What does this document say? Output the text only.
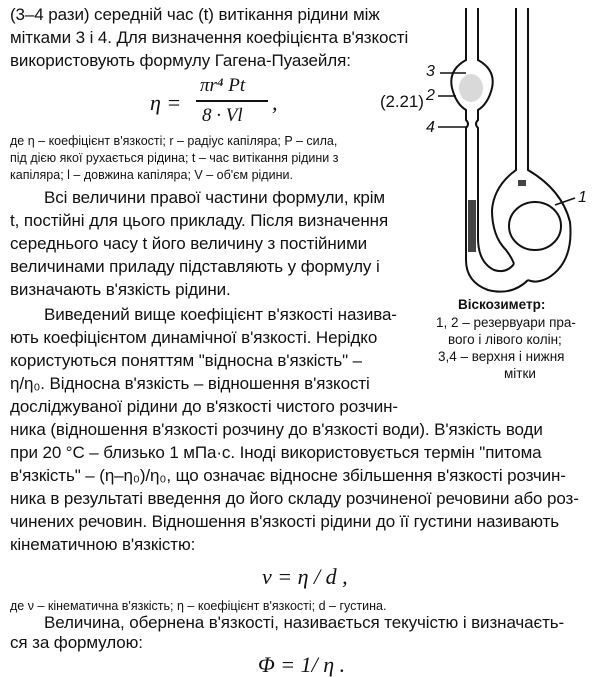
(3–4 рази) середній час (t) витікання рідини між
мітками 3 і 4. Для визначення коефіцієнта в'язкості
використовують формулу Гагена-Пуазейля:
η =
πr⁴ Pt
8 · Vl
,	(2.21)
де η – коефіцієнт в'язкості; r – радіус капіляра; P – сила,
під дією якої рухається рідина; t – час витікання рідини з
капіляра; l – довжина капіляра; V – об'єм рідини.
Всі величини правої частини формули, крім
t, постійні для цього прикладу. Після визначення
середнього часу t його величину з постійними
величинами приладу підставляють у формулу і
визначають в'язкість рідини.
Виведений вище коефіцієнт в'язкості назива-
ють коефіцієнтом динамічної в'язкості. Нерідко
користуються поняттям "відносна в'язкість" –
η/η₀. Відносна в'язкість – відношення в'язкості
досліджуваної рідини до в'язкості чистого розчин-
ника (відношення в'язкості розчину до в'язкості води). В'язкість води
при 20 °С – близько 1 мПа·с. Іноді використовується термін "питома
в'язкість" – (η–η₀)/η₀, що означає відносне збільшення в'язкості розчин-
ника в результаті введення до його складу розчиненої речовини або роз-
чинених речовин. Відношення в'язкості рідини до її густини називають
кінематичною в'язкістю:
ν = η / d ,
де ν – кінематична в'язкість; η – коефіцієнт в'язкості; d – густина.
Величина, обернена в'язкості, називається текучістю і визначаєть-
ся за формулою:
Φ = 1/ η .
3
2
4
1
Віскозиметр:
1, 2 – резервуари пра-
вого і лівого колін;
3,4 – верхня і нижня
мітки
